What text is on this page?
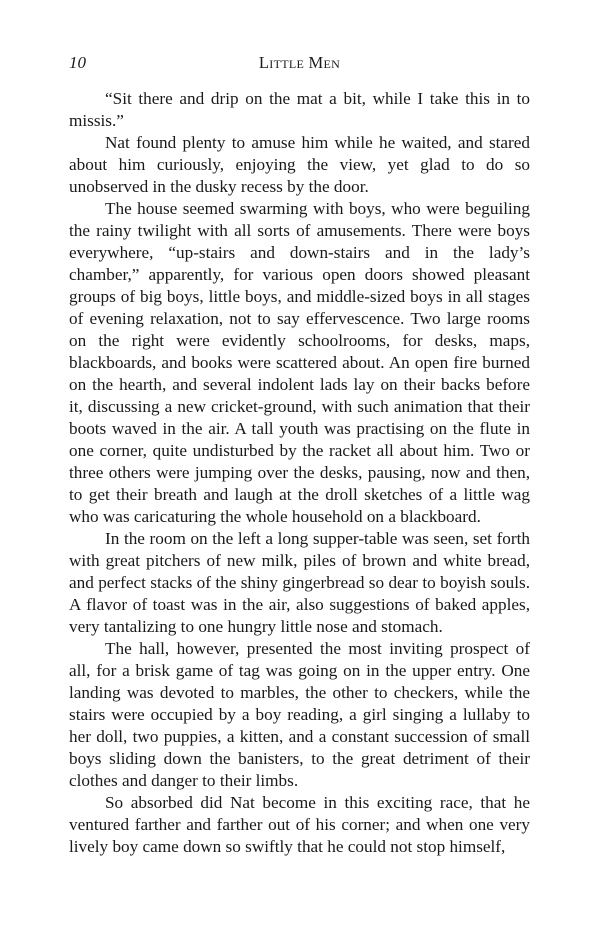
10	Little Men

“Sit there and drip on the mat a bit, while I take this in to missis.”

Nat found plenty to amuse him while he waited, and stared about him curiously, enjoying the view, yet glad to do so unobserved in the dusky recess by the door.

The house seemed swarming with boys, who were beguiling the rainy twilight with all sorts of amusements. There were boys everywhere, “up-stairs and down-stairs and in the lady’s chamber,” apparently, for various open doors showed pleasant groups of big boys, little boys, and middle-sized boys in all stages of evening relaxation, not to say effervescence. Two large rooms on the right were evidently schoolrooms, for desks, maps, blackboards, and books were scattered about. An open fire burned on the hearth, and several indolent lads lay on their backs before it, discussing a new cricket-ground, with such animation that their boots waved in the air. A tall youth was practising on the flute in one corner, quite undisturbed by the racket all about him. Two or three others were jumping over the desks, pausing, now and then, to get their breath and laugh at the droll sketches of a little wag who was caricaturing the whole household on a blackboard.

In the room on the left a long supper-table was seen, set forth with great pitchers of new milk, piles of brown and white bread, and perfect stacks of the shiny gingerbread so dear to boyish souls. A flavor of toast was in the air, also suggestions of baked apples, very tantalizing to one hungry little nose and stomach.

The hall, however, presented the most inviting prospect of all, for a brisk game of tag was going on in the upper entry. One landing was devoted to marbles, the other to checkers, while the stairs were occupied by a boy reading, a girl singing a lullaby to her doll, two puppies, a kitten, and a constant succession of small boys sliding down the banisters, to the great detriment of their clothes and danger to their limbs.

So absorbed did Nat become in this exciting race, that he ventured farther and farther out of his corner; and when one very lively boy came down so swiftly that he could not stop himself,
